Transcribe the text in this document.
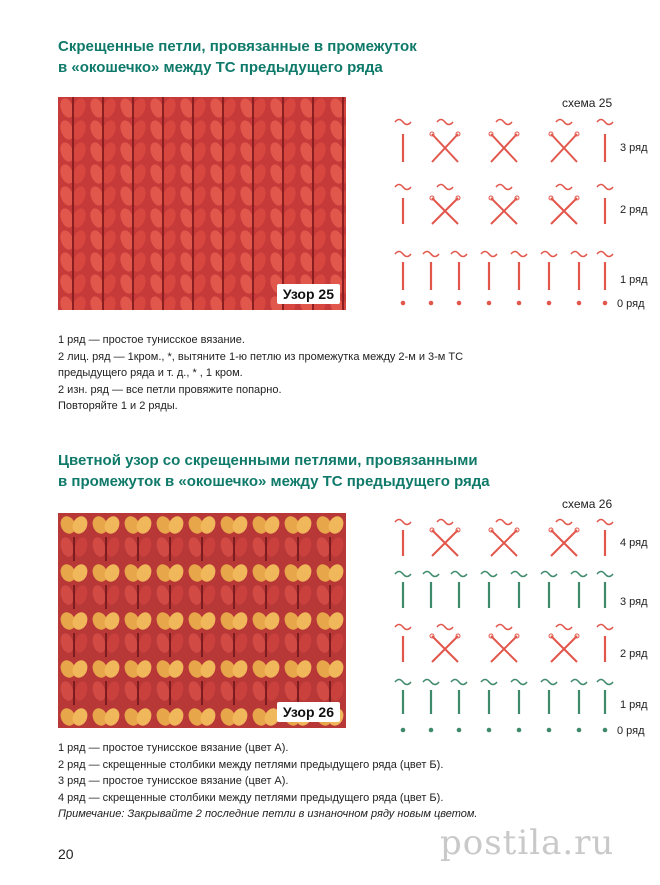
Скрещенные петли, провязанные в промежуток
в «окошечко» между ТС предыдущего ряда
Узор 25
схема 25
3 ряд
2 ряд
1 ряд
0 ряд
1 ряд — простое тунисское вязание.
2 лиц. ряд — 1кром., *, вытяните 1-ю петлю из промежутка между 2-м и 3-м ТС
предыдущего ряда и т. д., * , 1 кром.
2 изн. ряд — все петли провяжите попарно.
Повторяйте 1 и 2 ряды.
Цветной узор со скрещенными петлями, провязанными
в промежуток в «окошечко» между ТС предыдущего ряда
Узор 26
схема 26
4 ряд
3 ряд
2 ряд
1 ряд
0 ряд
1 ряд — простое тунисское вязание (цвет А).
2 ряд — скрещенные столбики между петлями предыдущего ряда (цвет Б).
3 ряд — простое тунисское вязание (цвет А).
4 ряд — скрещенные столбики между петлями предыдущего ряда (цвет Б).
Примечание: Закрывайте 2 последние петли в изнаночном ряду новым цветом.
20	postila.ru
